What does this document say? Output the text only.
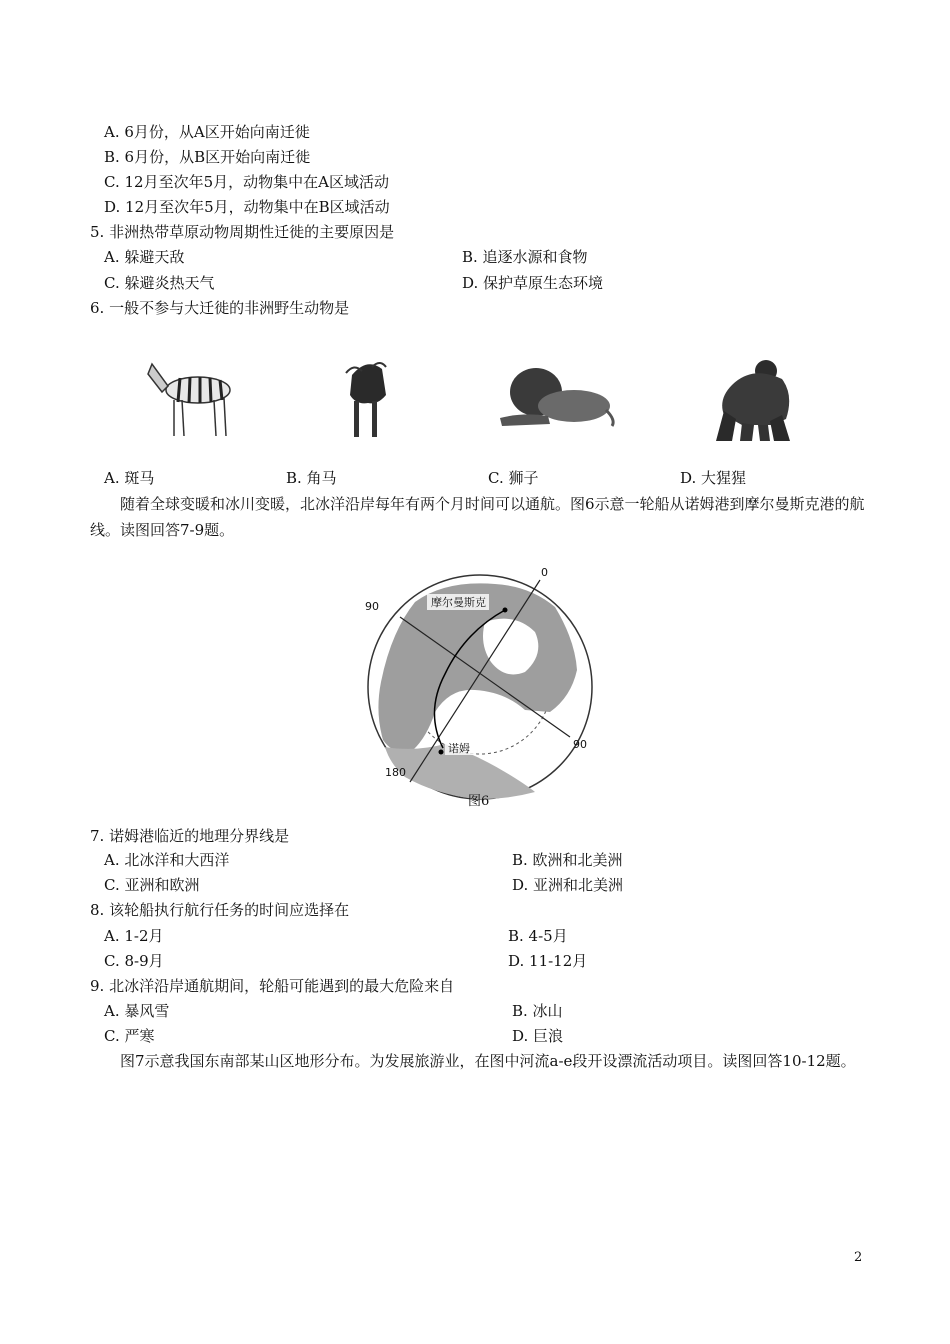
A. 6月份，从A区开始向南迁徙
B. 6月份，从B区开始向南迁徙
C. 12月至次年5月，动物集中在A区域活动
D. 12月至次年5月，动物集中在B区域活动
5. 非洲热带草原动物周期性迁徙的主要原因是
A. 躲避天敌	B. 追逐水源和食物
C. 躲避炎热天气	D. 保护草原生态环境
6. 一般不参与大迁徙的非洲野生动物是
A. 斑马	B. 角马	C. 狮子	D. 大猩猩
随着全球变暖和冰川变暖，北冰洋沿岸每年有两个月时间可以通航。图6示意一轮船从诺姆港到摩尔曼斯克港的航线。读图回答7-9题。
摩尔曼斯克
诺姆
0
90
90
180
图6
7. 诺姆港临近的地理分界线是
A. 北冰洋和大西洋	B. 欧洲和北美洲
C. 亚洲和欧洲	D. 亚洲和北美洲
8. 该轮船执行航行任务的时间应选择在
A. 1-2月	B. 4-5月
C. 8-9月	D. 11-12月
9. 北冰洋沿岸通航期间，轮船可能遇到的最大危险来自
A. 暴风雪	B. 冰山
C. 严寒	D. 巨浪
图7示意我国东南部某山区地形分布。为发展旅游业，在图中河流a-e段开设漂流活动项目。读图回答10-12题。
2
